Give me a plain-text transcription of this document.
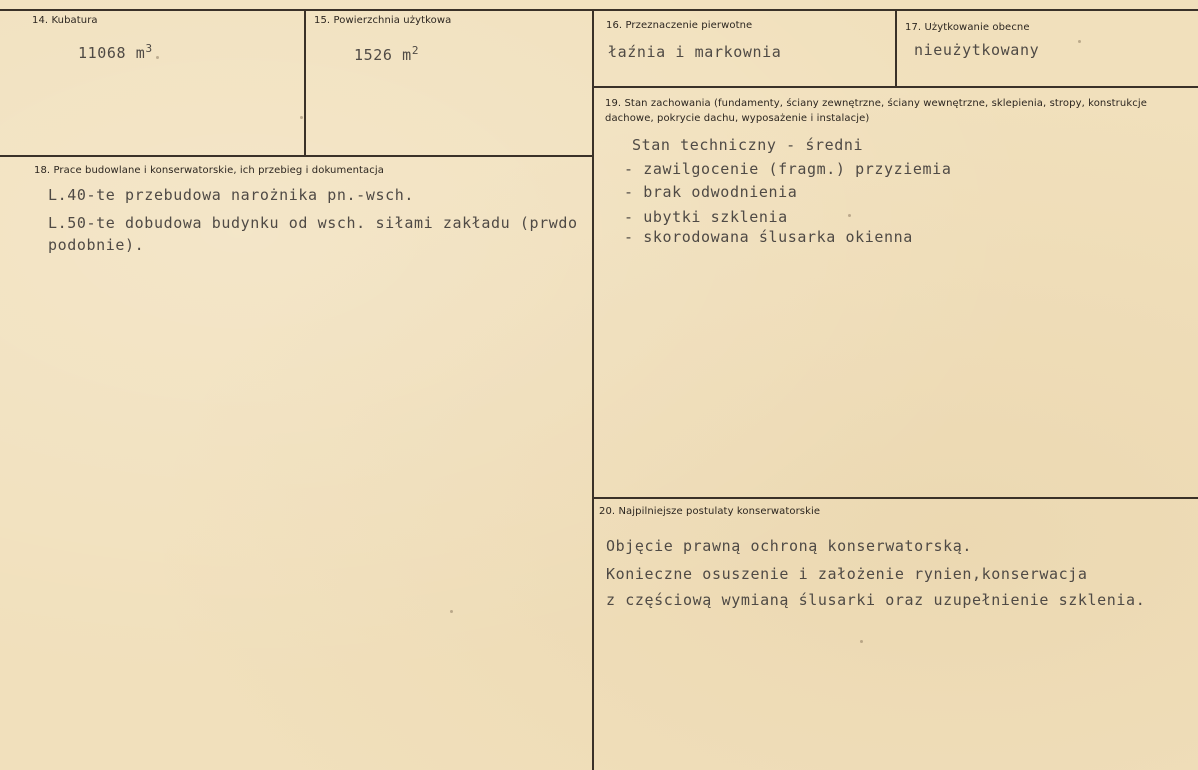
14. Kubatura
11068 $m^3$
15. Powierzchnia użytkowa
1526 $m^2$
16. Przeznaczenie pierwotne
łaźnia i markownia
17. Użytkowanie obecne
nieużytkowany
18. Prace budowlane i konserwatorskie, ich przebieg i dokumentacja
L.40-te przebudowa narożnika pn.-wsch.
L.50-te dobudowa budynku od wsch. siłami zakładu (prwdo
podobnie).
19. Stan zachowania (fundamenty, ściany zewnętrzne, ściany wewnętrzne, sklepienia, stropy, konstrukcje dachowe, pokrycie dachu, wyposażenie i instalacje)
Stan techniczny - średni
- zawilgocenie (fragm.) przyziemia
- brak odwodnienia
- ubytki szklenia
- skorodowana ślusarka okienna
20. Najpilniejsze postulaty konserwatorskie
Objęcie prawną ochroną konserwatorską.
Konieczne osuszenie i założenie rynien,konserwacja
z częściową wymianą ślusarki oraz uzupełnienie szklenia.
